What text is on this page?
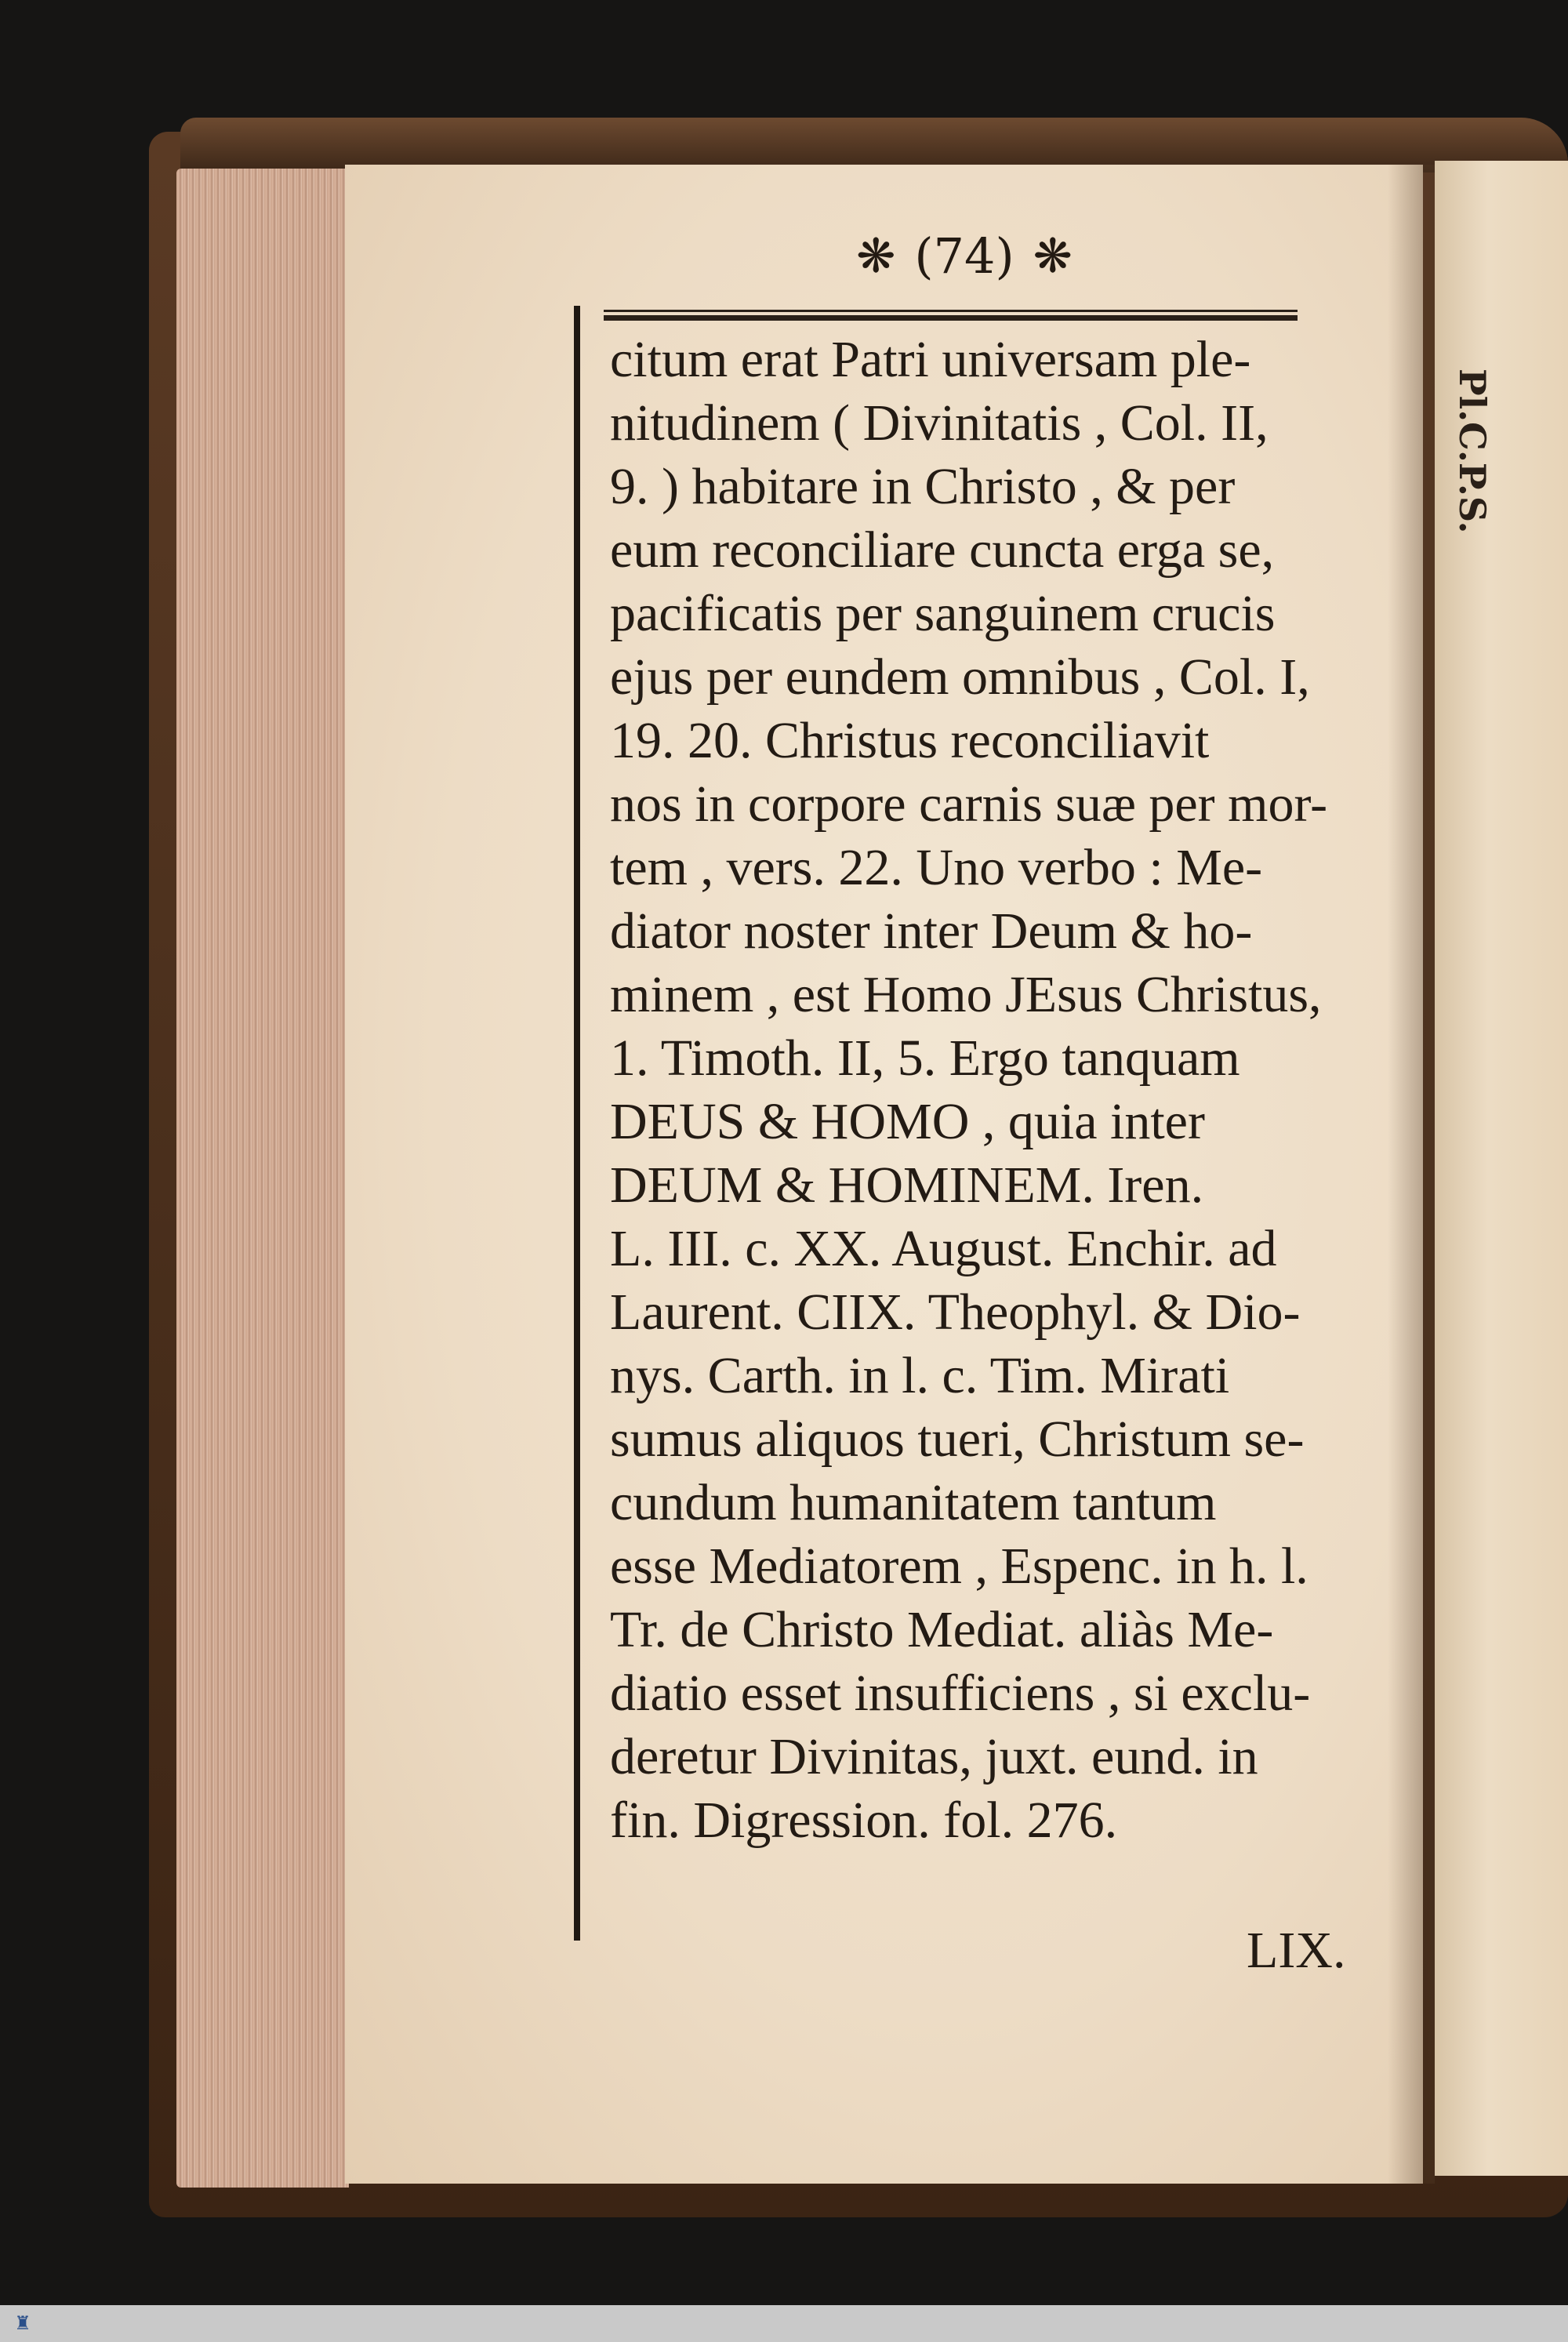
Pl.C.P.S.
❋ (74) ❋
citum erat Patri universam ple-
nitudinem ( Divinitatis , Col. II,
9. ) habitare in Christo , & per
eum reconciliare cuncta erga se,
pacificatis per sanguinem crucis
ejus per eundem omnibus , Col. I,
19. 20. Christus reconciliavit
nos in corpore carnis suæ per mor-
tem , vers. 22. Uno verbo : Me-
diator noster inter Deum & ho-
minem , est Homo JEsus Christus,
1. Timoth. II, 5. Ergo tanquam
DEUS & HOMO , quia inter
DEUM & HOMINEM. Iren.
L. III. c. XX. August. Enchir. ad
Laurent. CIIX. Theophyl. & Dio-
nys. Carth. in l. c. Tim. Mirati
sumus aliquos tueri, Christum se-
cundum humanitatem tantum
esse Mediatorem , Espenc. in h. l.
Tr. de Christo Mediat. aliàs Me-
diatio esset insufficiens , si exclu-
deretur Divinitas, juxt. eund. in
fin. Digression. fol. 276.
LIX.
♜
